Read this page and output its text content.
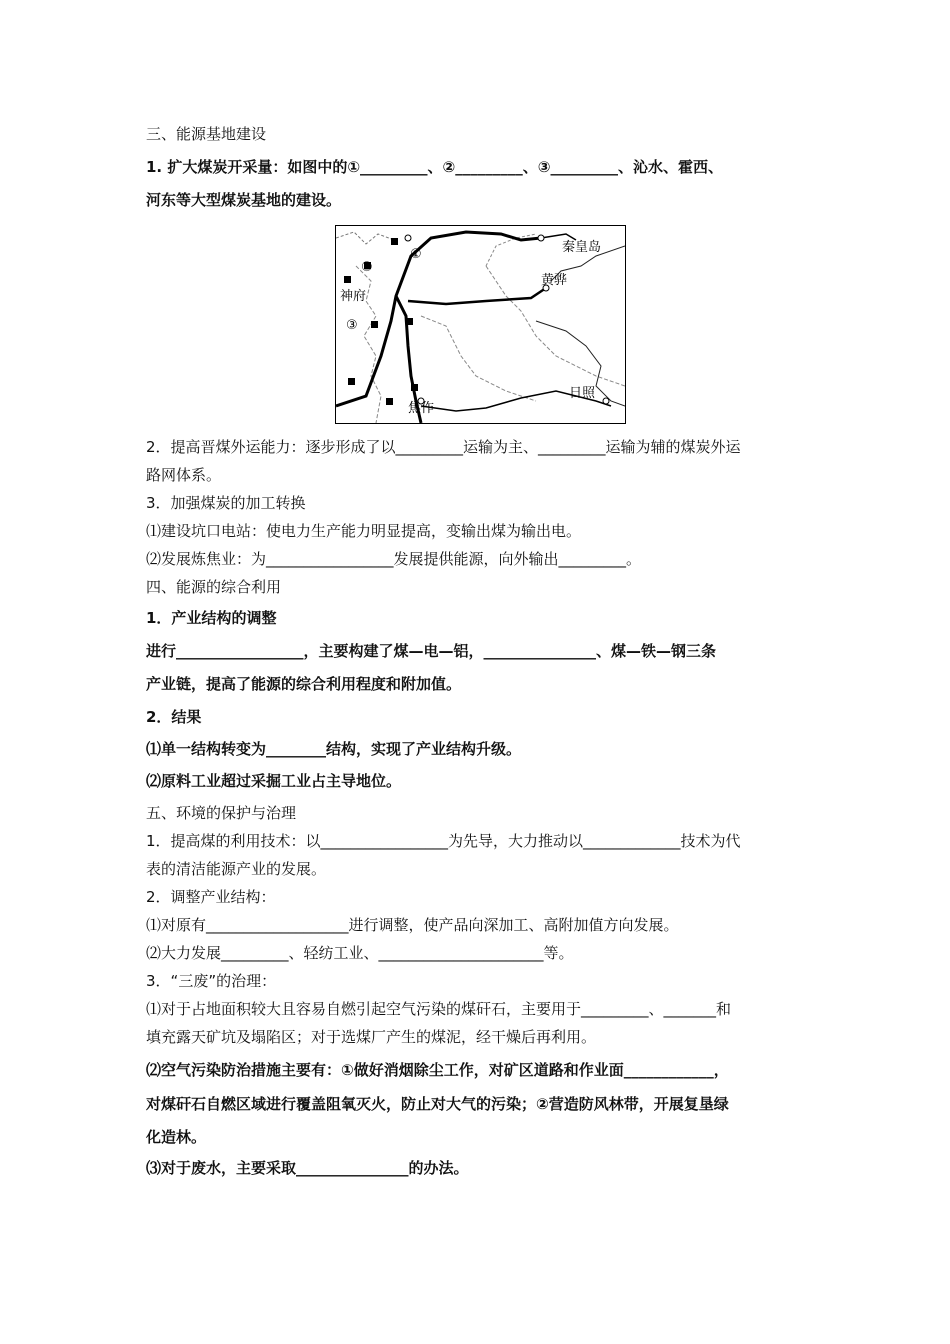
三、能源基地建设
1. 扩大煤炭开采量：如图中的①_________、②_________、③_________、沁水、霍西、
河东等大型煤炭基地的建设。
①
②
③
神府
秦皇岛
黄骅
焦作
日照
2．提高晋煤外运能力：逐步形成了以_________运输为主、_________运输为辅的煤炭外运
路网体系。
3．加强煤炭的加工转换
⑴建设坑口电站：使电力生产能力明显提高，变输出煤为输出电。
⑵发展炼焦业：为_________________发展提供能源，向外输出_________。
四、能源的综合利用
1．产业结构的调整
进行_________________，主要构建了煤—电—铝，_______________、煤—铁—钢三条
产业链，提高了能源的综合利用程度和附加值。
2．结果
⑴单一结构转变为________结构，实现了产业结构升级。
⑵原料工业超过采掘工业占主导地位。
五、环境的保护与治理
1．提高煤的利用技术：以_________________为先导，大力推动以_____________技术为代
表的清洁能源产业的发展。
2．调整产业结构：
⑴对原有___________________进行调整，使产品向深加工、高附加值方向发展。
⑵大力发展_________、轻纺工业、______________________等。
3．“三废”的治理：
⑴对于占地面积较大且容易自燃引起空气污染的煤矸石，主要用于_________、_______和
填充露天矿坑及塌陷区；对于选煤厂产生的煤泥，经干燥后再利用。
⑵空气污染防治措施主要有：①做好消烟除尘工作，对矿区道路和作业面____________，
对煤矸石自燃区域进行覆盖阻氧灭火，防止对大气的污染；②营造防风林带，开展复垦绿
化造林。
⑶对于废水，主要采取_______________的办法。
